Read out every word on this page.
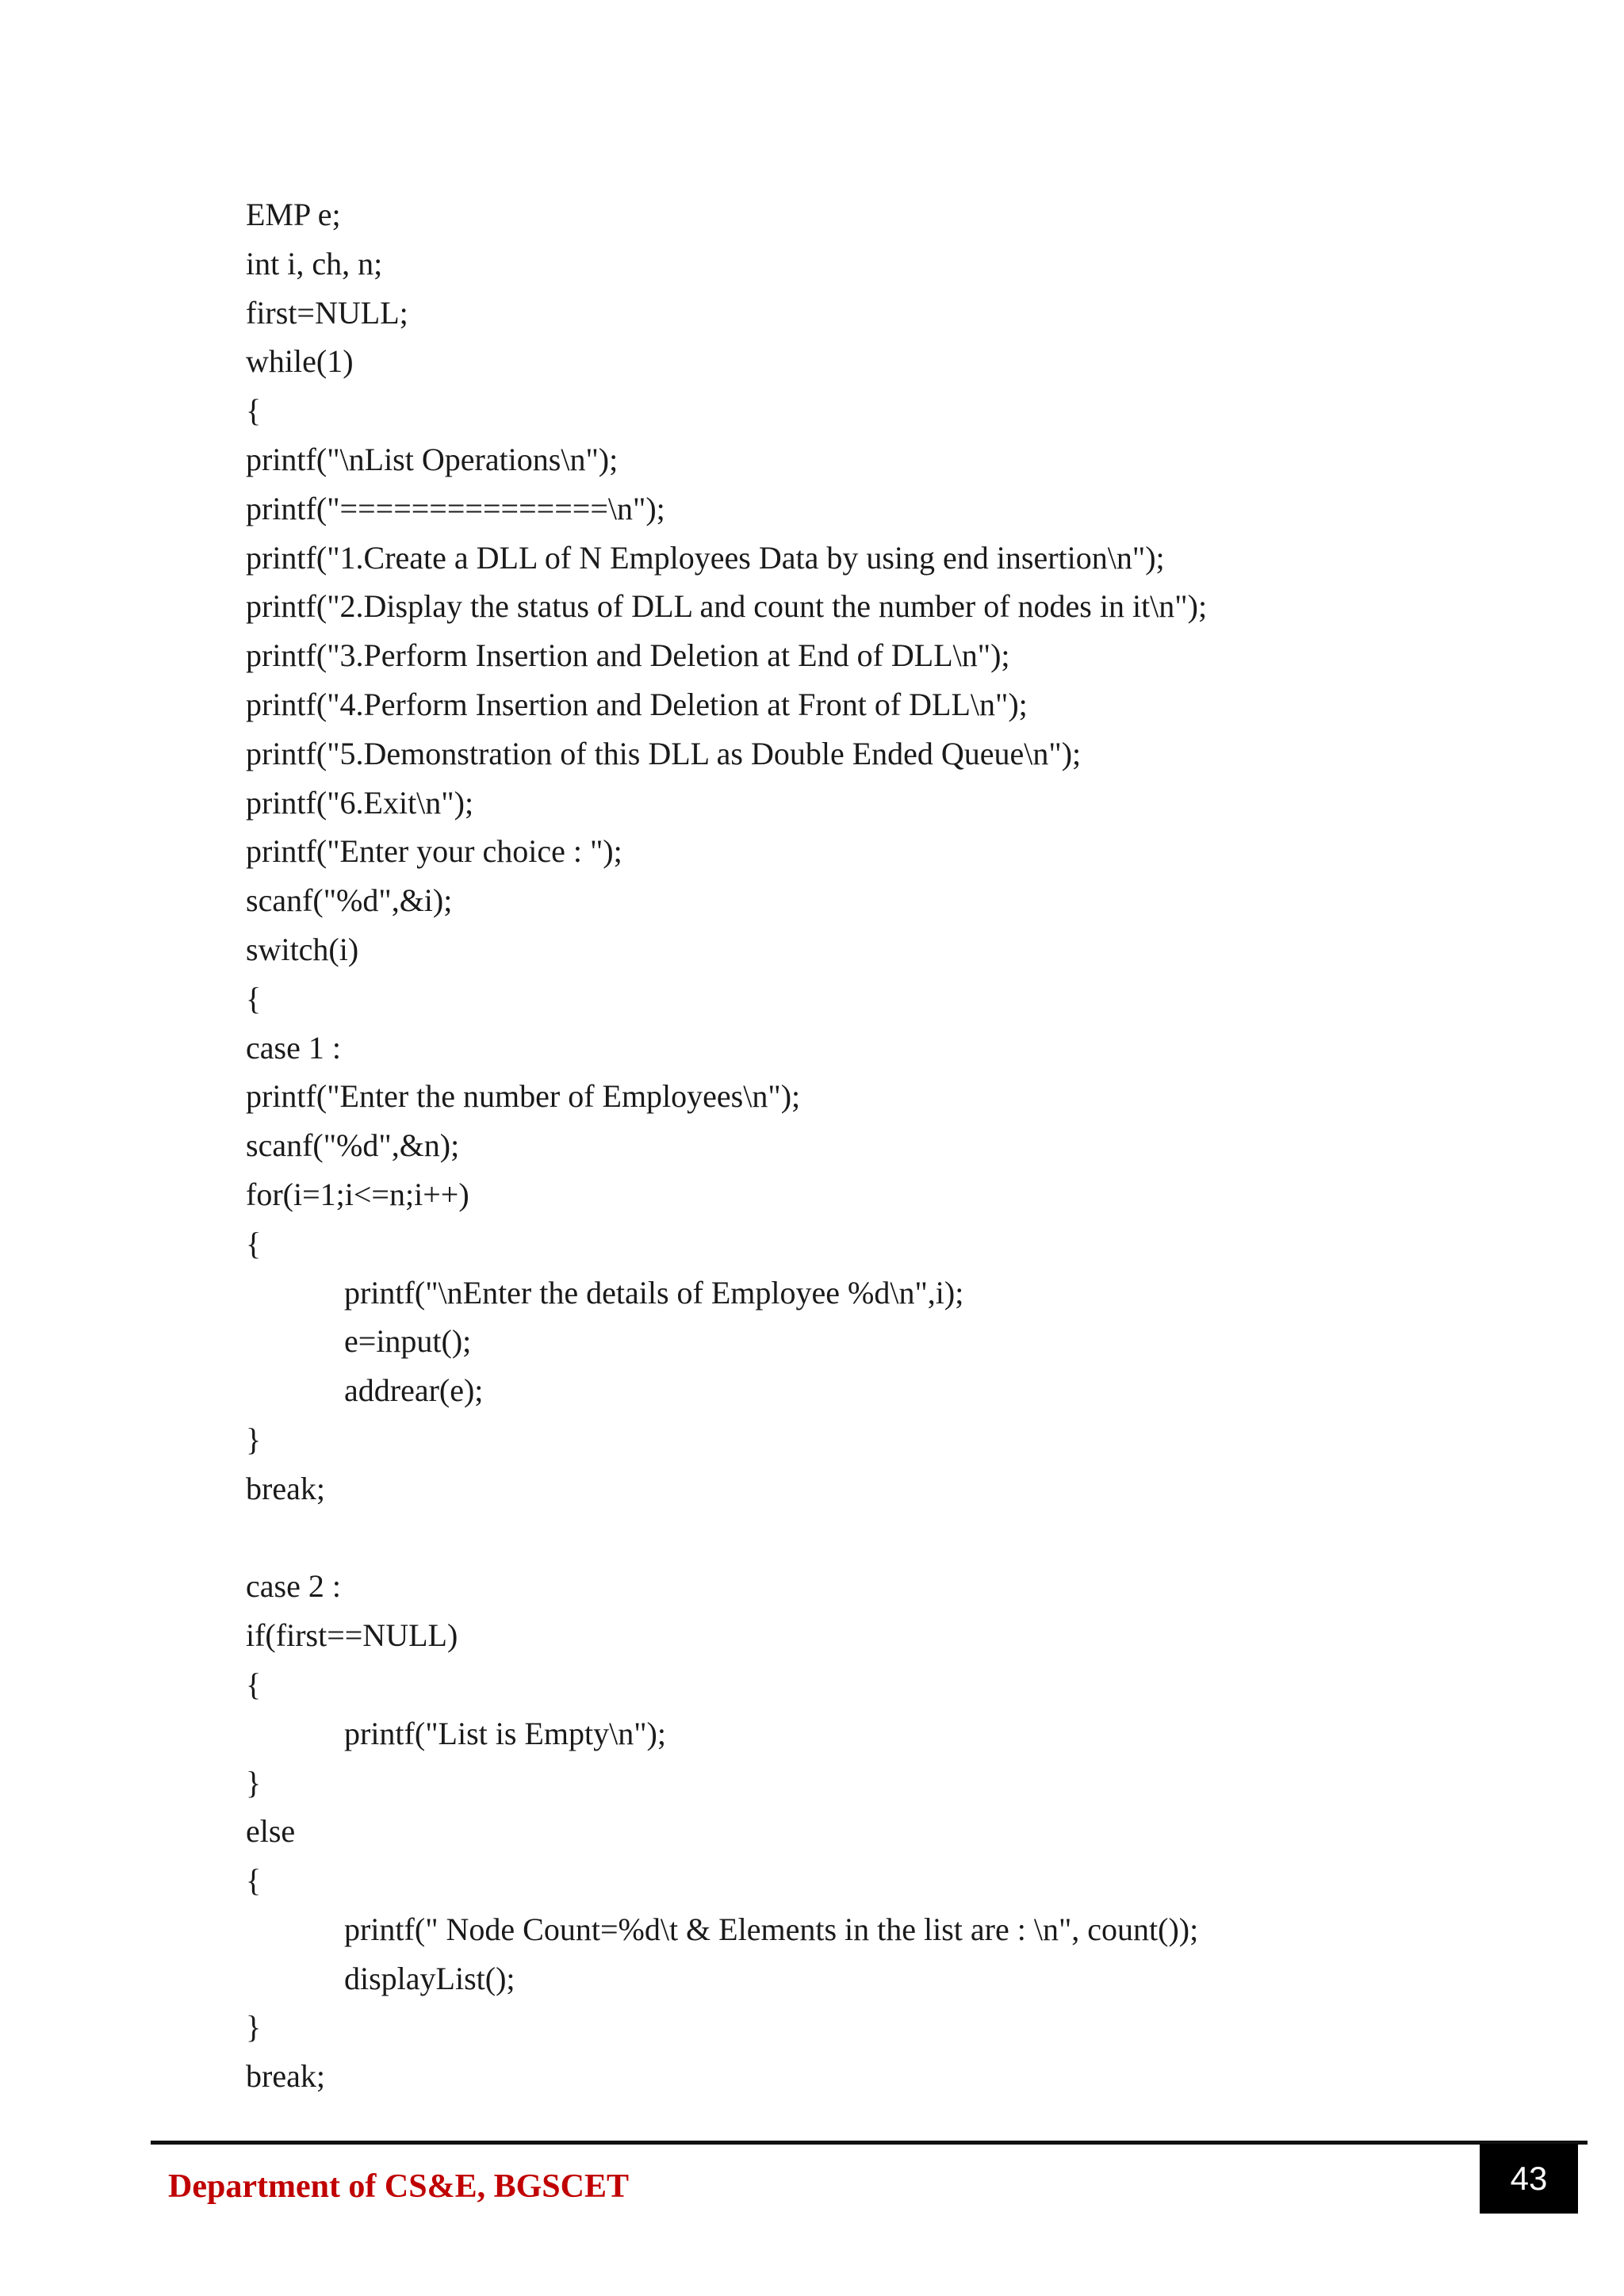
EMP e;
int i, ch, n;
first=NULL;
while(1)
{
printf("\nList Operations\n");
printf("===============\n");
printf("1.Create a DLL of N Employees Data by using end insertion\n");
printf("2.Display the status of DLL and count the number of nodes in it\n");
printf("3.Perform Insertion and Deletion at End of DLL\n");
printf("4.Perform Insertion and Deletion at Front of DLL\n");
printf("5.Demonstration of this DLL as Double Ended Queue\n");
printf("6.Exit\n");
printf("Enter your choice : ");
scanf("%d",&i);
switch(i)
{
case 1 :
printf("Enter the number of Employees\n");
scanf("%d",&n);
for(i=1;i<=n;i++)
{
printf("\nEnter the details of Employee %d\n",i);
e=input();
addrear(e);
}
break;
case 2 :
if(first==NULL)
{
printf("List is Empty\n");
}
else
{
printf(" Node Count=%d\t & Elements in the list are : \n", count());
displayList();
}
break;
Department of CS&E, BGSCET	43
